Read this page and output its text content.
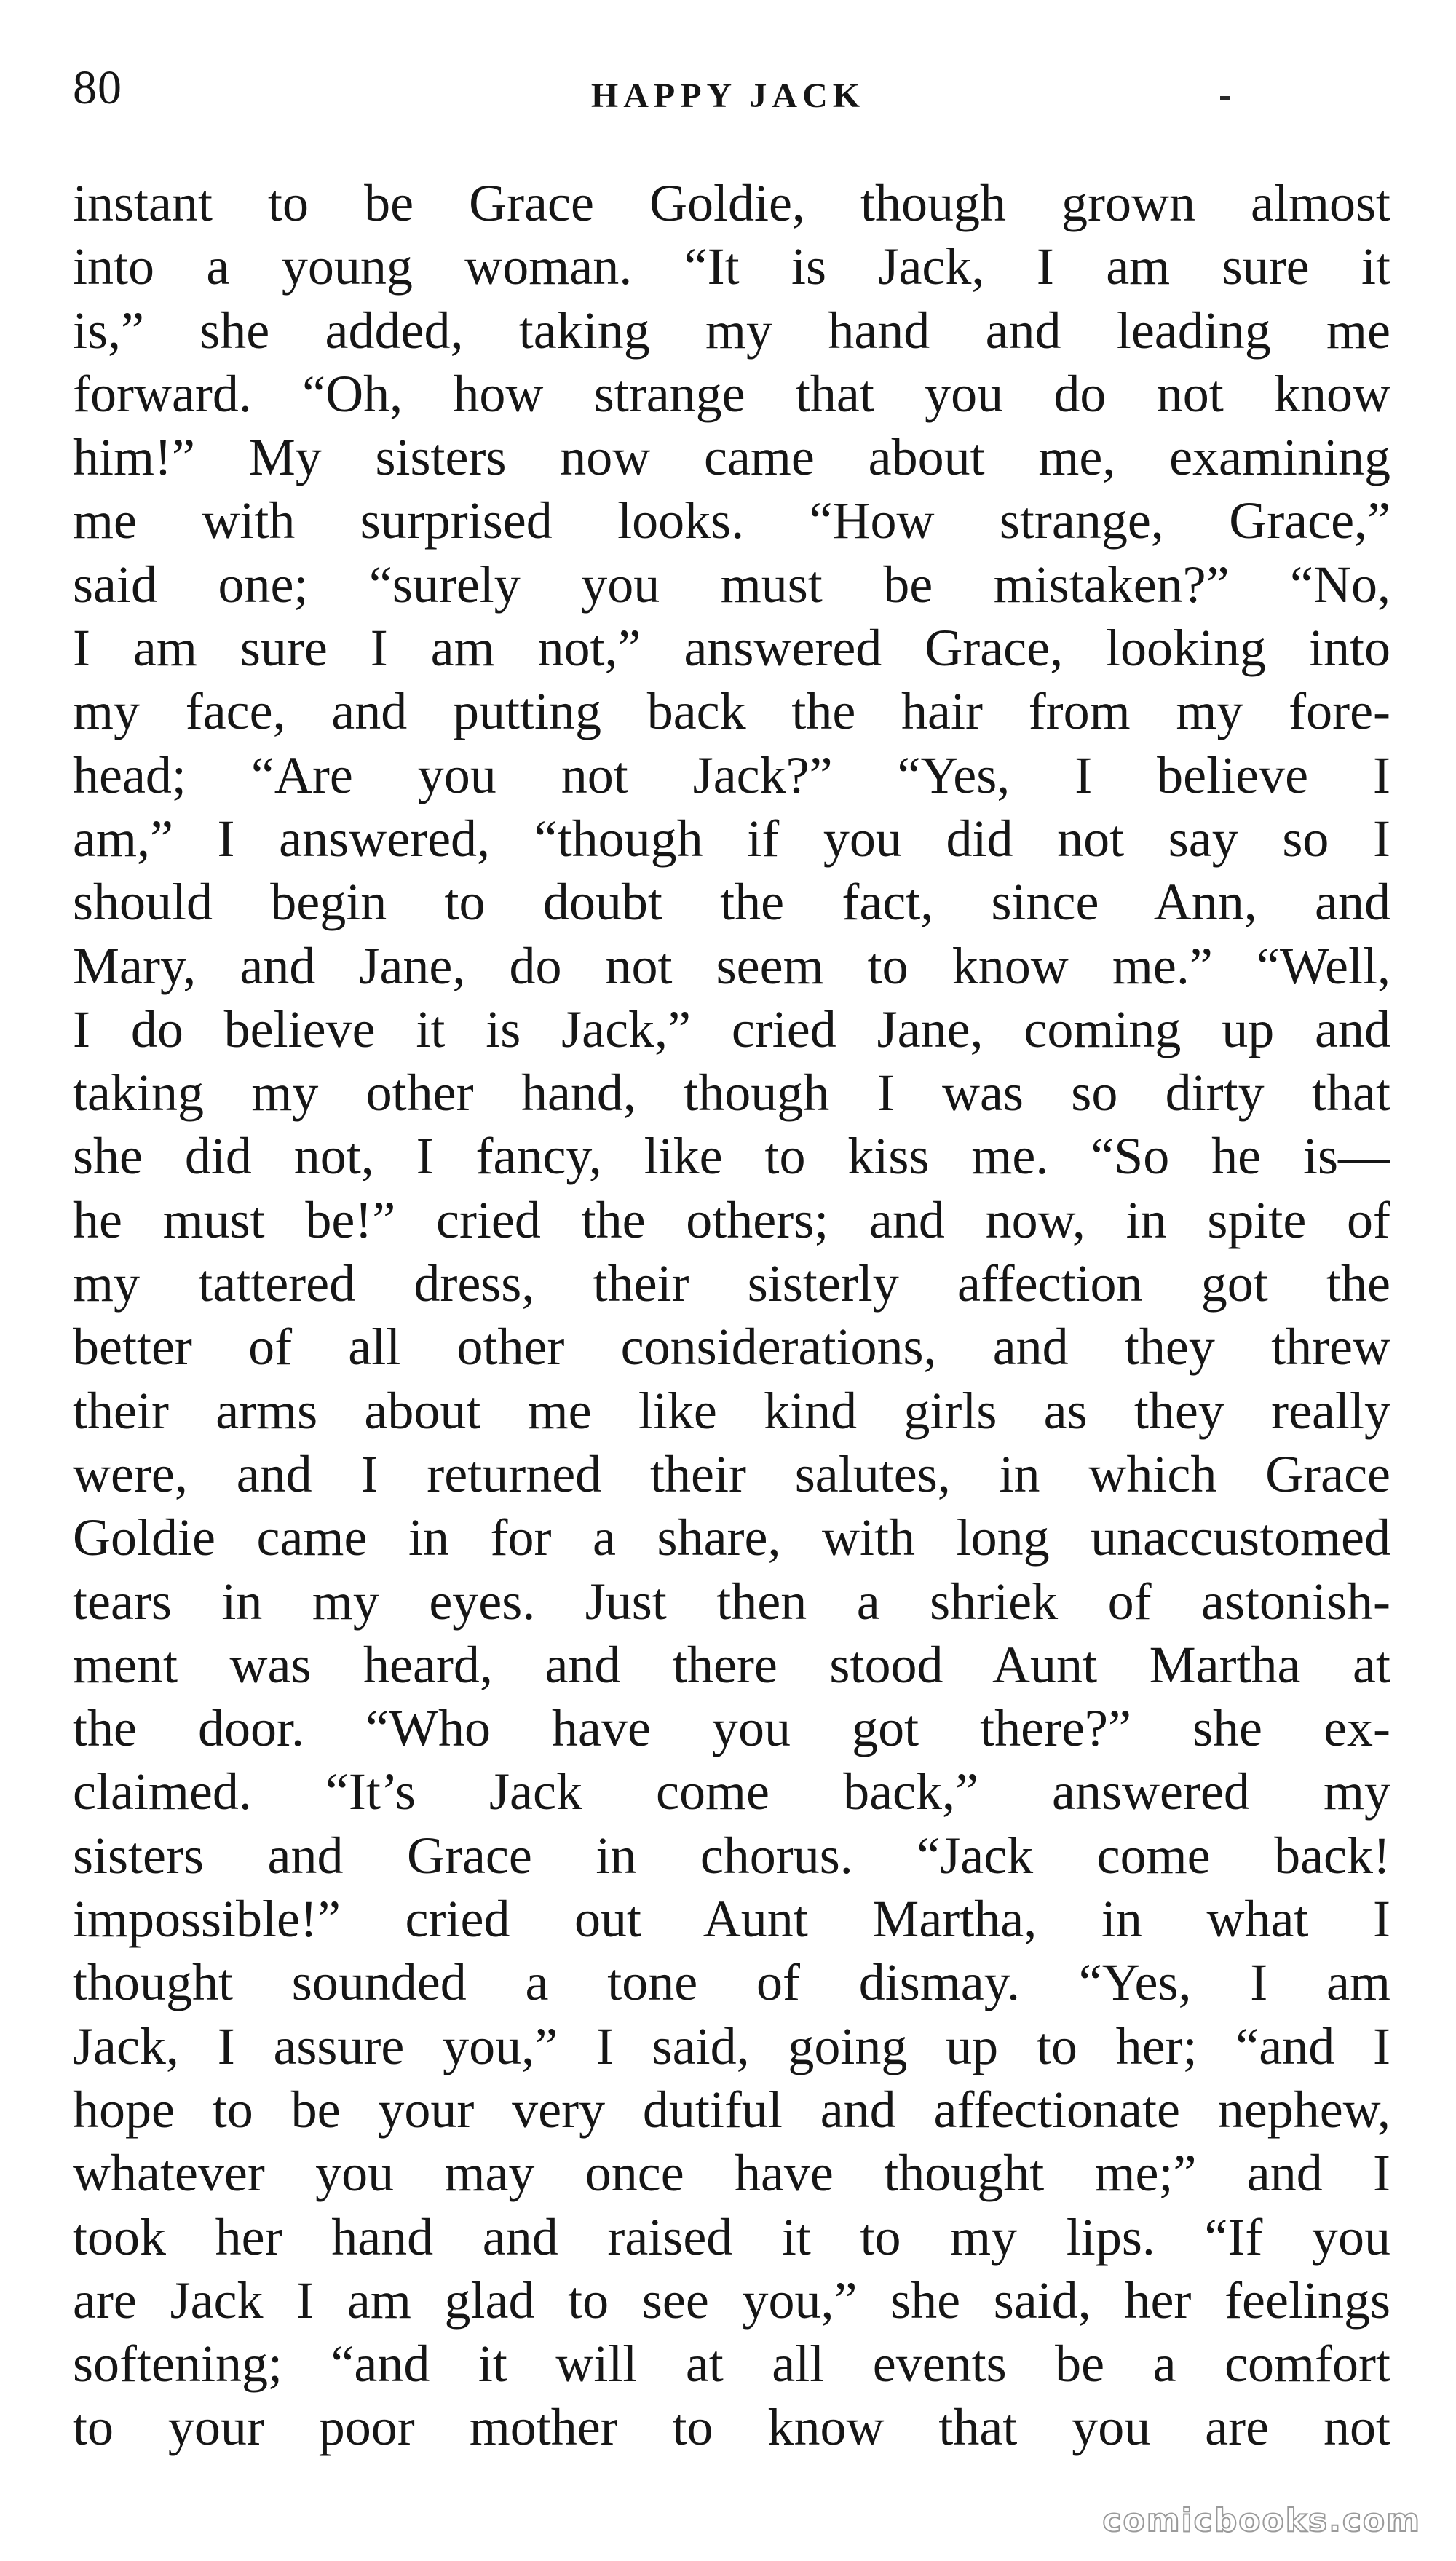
80	HAPPY JACK
instant to be Grace Goldie, though grown almost
into a young woman. “It is Jack, I am sure it
is,” she added, taking my hand and leading me
forward. “Oh, how strange that you do not know
him!” My sisters now came about me, examining
me with surprised looks. “How strange, Grace,”
said one; “surely you must be mistaken?” “No,
I am sure I am not,” answered Grace, looking into
my face, and putting back the hair from my fore-
head; “Are you not Jack?” “Yes, I believe I
am,” I answered, “though if you did not say so I
should begin to doubt the fact, since Ann, and
Mary, and Jane, do not seem to know me.” “Well,
I do believe it is Jack,” cried Jane, coming up and
taking my other hand, though I was so dirty that
she did not, I fancy, like to kiss me. “So he is—
he must be!” cried the others; and now, in spite of
my tattered dress, their sisterly affection got the
better of all other considerations, and they threw
their arms about me like kind girls as they really
were, and I returned their salutes, in which Grace
Goldie came in for a share, with long unaccustomed
tears in my eyes. Just then a shriek of astonish-
ment was heard, and there stood Aunt Martha at
the door. “Who have you got there?” she ex-
claimed. “It’s Jack come back,” answered my
sisters and Grace in chorus. “Jack come back!
impossible!” cried out Aunt Martha, in what I
thought sounded a tone of dismay. “Yes, I am
Jack, I assure you,” I said, going up to her; “and I
hope to be your very dutiful and affectionate nephew,
whatever you may once have thought me;” and I
took her hand and raised it to my lips. “If you
are Jack I am glad to see you,” she said, her feelings
softening; “and it will at all events be a comfort
to your poor mother to know that you are not
comicbooks.com
